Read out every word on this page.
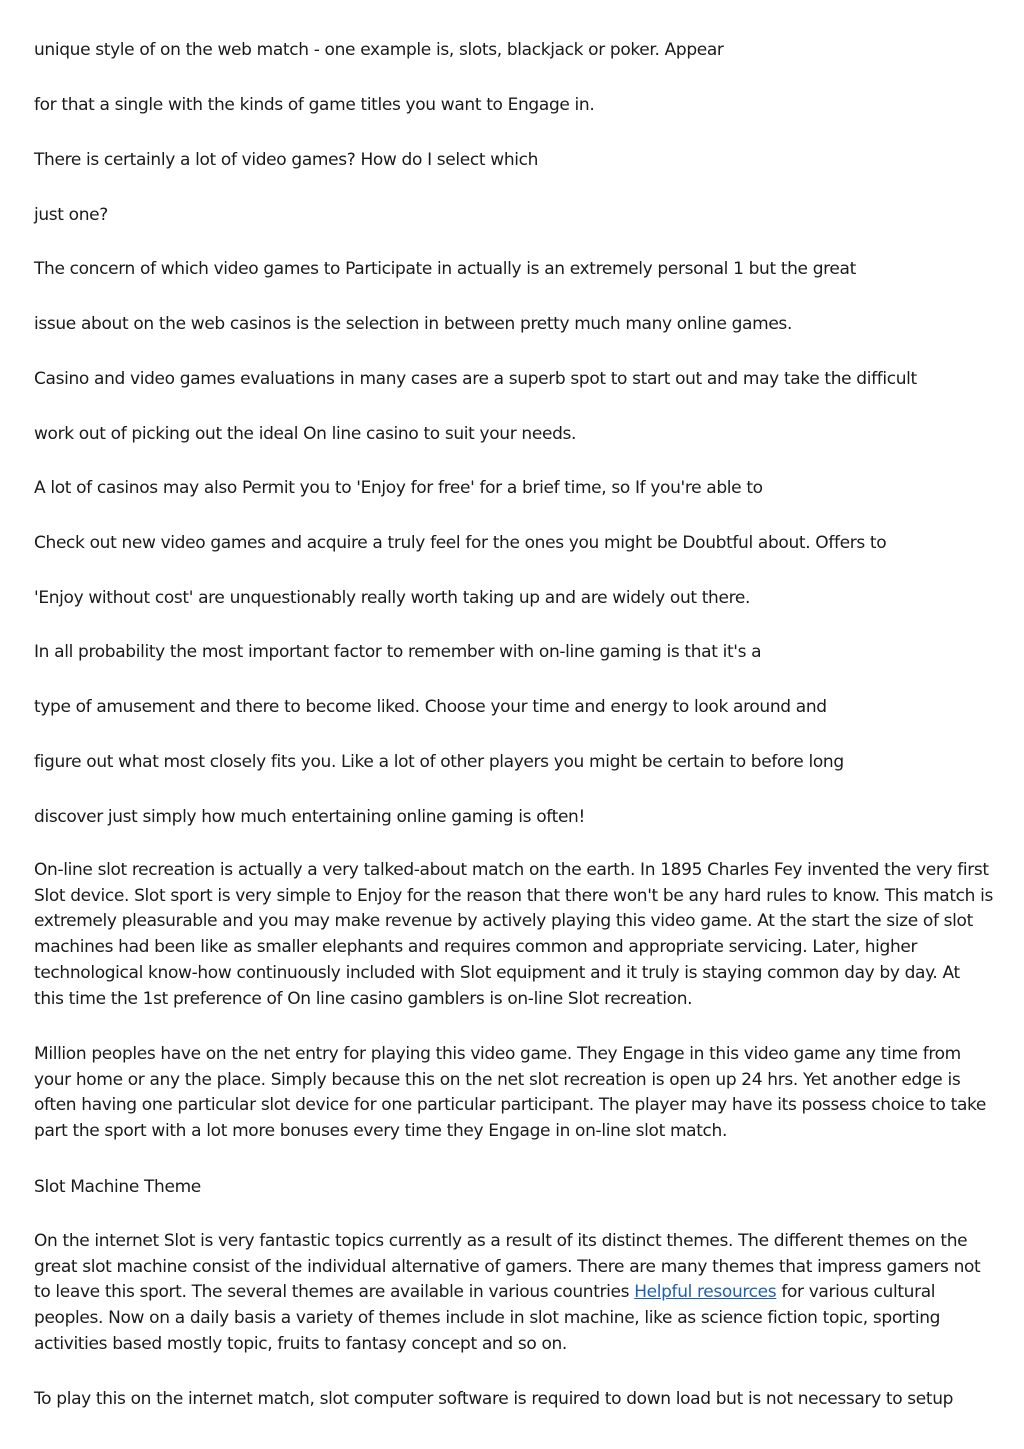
unique style of on the web match - one example is, slots, blackjack or poker. Appear

for that a single with the kinds of game titles you want to Engage in.

There is certainly a lot of video games? How do I select which

just one?

The concern of which video games to Participate in actually is an extremely personal 1 but the great

issue about on the web casinos is the selection in between pretty much many online games.

Casino and video games evaluations in many cases are a superb spot to start out and may take the difficult

work out of picking out the ideal On line casino to suit your needs.

A lot of casinos may also Permit you to 'Enjoy for free' for a brief time, so If you're able to

Check out new video games and acquire a truly feel for the ones you might be Doubtful about. Offers to

'Enjoy without cost' are unquestionably really worth taking up and are widely out there.

In all probability the most important factor to remember with on-line gaming is that it's a

type of amusement and there to become liked. Choose your time and energy to look around and

figure out what most closely fits you. Like a lot of other players you might be certain to before long

discover just simply how much entertaining online gaming is often!

On-line slot recreation is actually a very talked-about match on the earth. In 1895 Charles Fey invented the very first Slot device. Slot sport is very simple to Enjoy for the reason that there won't be any hard rules to know. This match is extremely pleasurable and you may make revenue by actively playing this video game. At the start the size of slot machines had been like as smaller elephants and requires common and appropriate servicing. Later, higher technological know-how continuously included with Slot equipment and it truly is staying common day by day. At this time the 1st preference of On line casino gamblers is on-line Slot recreation.

Million peoples have on the net entry for playing this video game. They Engage in this video game any time from your home or any the place. Simply because this on the net slot recreation is open up 24 hrs. Yet another edge is often having one particular slot device for one particular participant. The player may have its possess choice to take part the sport with a lot more bonuses every time they Engage in on-line slot match.

Slot Machine Theme

On the internet Slot is very fantastic topics currently as a result of its distinct themes. The different themes on the great slot machine consist of the individual alternative of gamers. There are many themes that impress gamers not to leave this sport. The several themes are available in various countries Helpful resources for various cultural peoples. Now on a daily basis a variety of themes include in slot machine, like as science fiction topic, sporting activities based mostly topic, fruits to fantasy concept and so on.

To play this on the internet match, slot computer software is required to down load but is not necessary to setup
